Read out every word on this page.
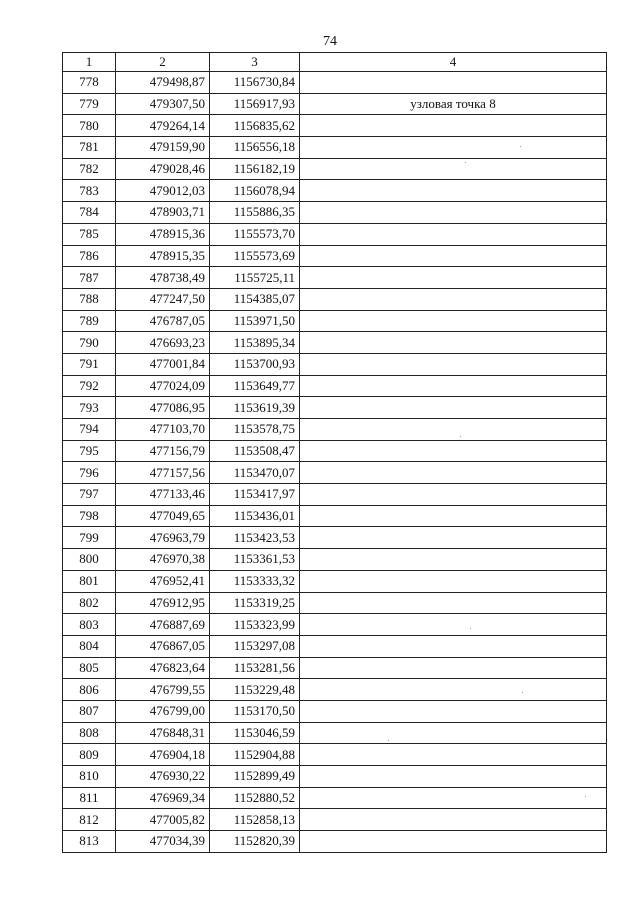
74
1	2	3	4
778	479498,87	1156730,84	
779	479307,50	1156917,93	узловая точка 8
780	479264,14	1156835,62	
781	479159,90	1156556,18	
782	479028,46	1156182,19	
783	479012,03	1156078,94	
784	478903,71	1155886,35	
785	478915,36	1155573,70	
786	478915,35	1155573,69	
787	478738,49	1155725,11	
788	477247,50	1154385,07	
789	476787,05	1153971,50	
790	476693,23	1153895,34	
791	477001,84	1153700,93	
792	477024,09	1153649,77	
793	477086,95	1153619,39	
794	477103,70	1153578,75	
795	477156,79	1153508,47	
796	477157,56	1153470,07	
797	477133,46	1153417,97	
798	477049,65	1153436,01	
799	476963,79	1153423,53	
800	476970,38	1153361,53	
801	476952,41	1153333,32	
802	476912,95	1153319,25	
803	476887,69	1153323,99	
804	476867,05	1153297,08	
805	476823,64	1153281,56	
806	476799,55	1153229,48	
807	476799,00	1153170,50	
808	476848,31	1153046,59	
809	476904,18	1152904,88	
810	476930,22	1152899,49	
811	476969,34	1152880,52	
812	477005,82	1152858,13	
813	477034,39	1152820,39	
